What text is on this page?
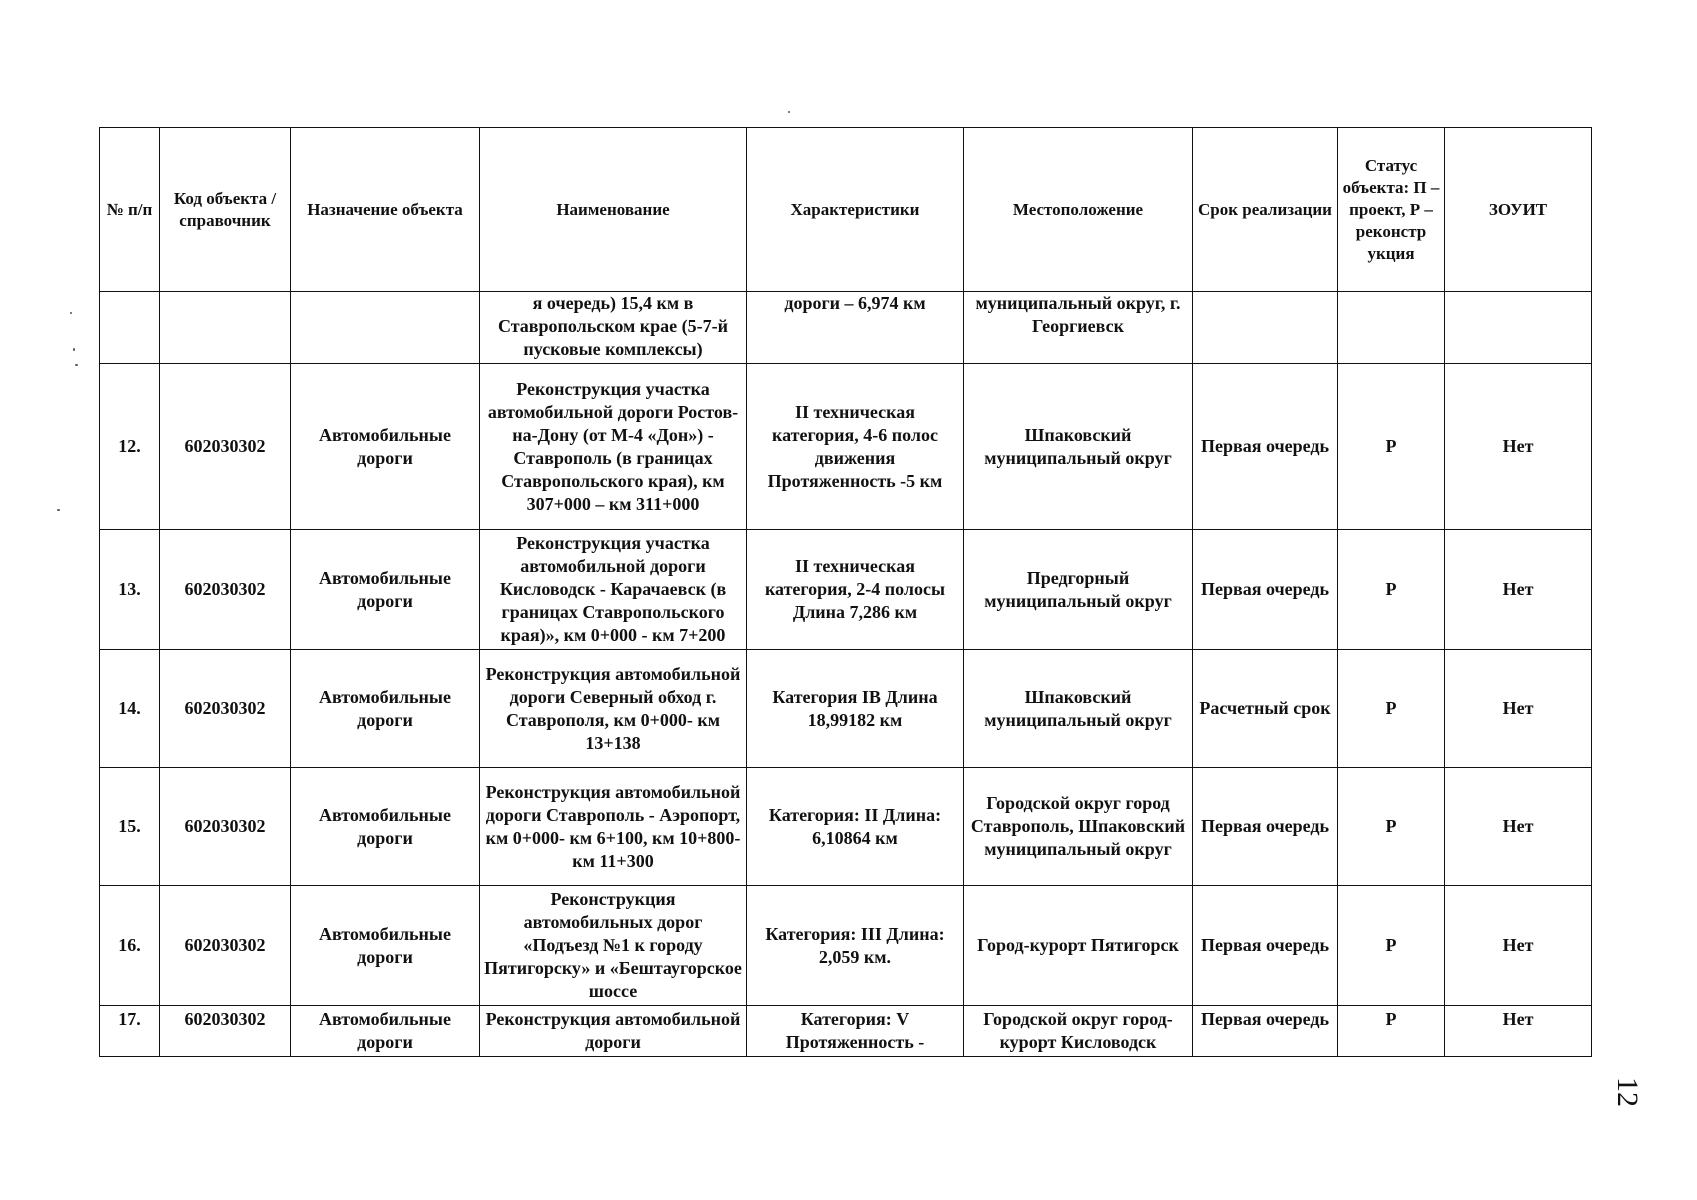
№ п/п	Код объекта / справочник	Назначение объекта	Наименование	Характеристики	Местоположение	Срок реализации	Статус объекта: П – проект, Р – реконстр укция	ЗОУИТ
			я очередь) 15,4 км в Ставропольском крае (5-7-й пусковые комплексы)	дороги – 6,974 км	муниципальный округ, г. Георгиевск			
12.	602030302	Автомобильные дороги	Реконструкция участка автомобильной дороги Ростов-на-Дону (от М-4 «Дон») - Ставрополь (в границах Ставропольского края), км 307+000 – км 311+000	II техническая категория, 4-6 полос движения Протяженность -5 км	Шпаковский муниципальный округ	Первая очередь	Р	Нет
13.	602030302	Автомобильные дороги	Реконструкция участка автомобильной дороги Кисловодск - Карачаевск (в границах Ставропольского края)», км 0+000 - км 7+200	II техническая категория, 2-4 полосы Длина 7,286 км	Предгорный муниципальный округ	Первая очередь	Р	Нет
14.	602030302	Автомобильные дороги	Реконструкция автомобильной дороги Северный обход г. Ставрополя, км 0+000- км 13+138	Категория IB Длина 18,99182 км	Шпаковский муниципальный округ	Расчетный срок	Р	Нет
15.	602030302	Автомобильные дороги	Реконструкция автомобильной дороги Ставрополь - Аэропорт, км 0+000- км 6+100, км 10+800- км 11+300	Категория: II Длина: 6,10864 км	Городской округ город Ставрополь, Шпаковский муниципальный округ	Первая очередь	Р	Нет
16.	602030302	Автомобильные дороги	Реконструкция автомобильных дорог «Подъезд №1 к городу Пятигорску» и «Бештаугорское шоссе	Категория: III Длина: 2,059 км.	Город-курорт Пятигорск	Первая очередь	Р	Нет
17.	602030302	Автомобильные дороги	Реконструкция автомобильной дороги	Категория: V Протяженность -	Городской округ город-курорт Кисловодск	Первая очередь	Р	Нет
12
